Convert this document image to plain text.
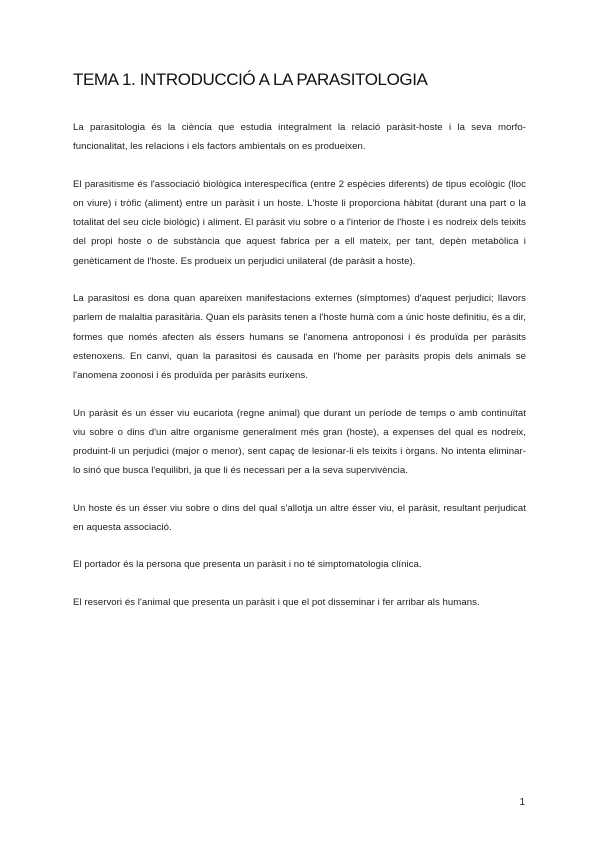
TEMA 1. INTRODUCCIÓ A LA PARASITOLOGIA

La parasitologia és la ciència que estudia integralment la relació paràsit-hoste i la seva morfo-funcionalitat, les relacions i els factors ambientals on es produeixen.

El parasitisme és l'associació biològica interespecífica (entre 2 espècies diferents) de tipus ecològic (lloc on viure) i tròfic (aliment) entre un paràsit i un hoste. L'hoste li proporciona hàbitat (durant una part o la totalitat del seu cicle biològic) i aliment. El paràsit viu sobre o a l'interior de l'hoste i es nodreix dels teixits del propi hoste o de substància que aquest fabrica per a ell mateix, per tant, depèn metabòlica i genèticament de l'hoste. Es produeix un perjudici unilateral (de paràsit a hoste).

La parasitosi es dona quan apareixen manifestacions externes (símptomes) d'aquest perjudici; llavors parlem de malaltia parasitària. Quan els paràsits tenen a l'hoste humà com a únic hoste definitiu, és a dir, formes que només afecten als éssers humans se l'anomena antroponosi i és produïda per paràsits estenoxens. En canvi, quan la parasitosi és causada en l'home per paràsits propis dels animals se l'anomena zoonosi i és produïda per paràsits eurixens.

Un paràsit és un ésser viu eucariota (regne animal) que durant un període de temps o amb continuïtat viu sobre o dins d'un altre organisme generalment més gran (hoste), a expenses del qual es nodreix, produint-li un perjudici (major o menor), sent capaç de lesionar-li els teixits i òrgans. No intenta eliminar-lo sinó que busca l'equilibri, ja que li és necessari per a la seva supervivència.

Un hoste és un ésser viu sobre o dins del qual s'allotja un altre ésser viu, el paràsit, resultant perjudicat en aquesta associació.

El portador és la persona que presenta un paràsit i no té simptomatologia clínica.

El reservori és l'animal que presenta un paràsit i que el pot disseminar i fer arribar als humans.

1
